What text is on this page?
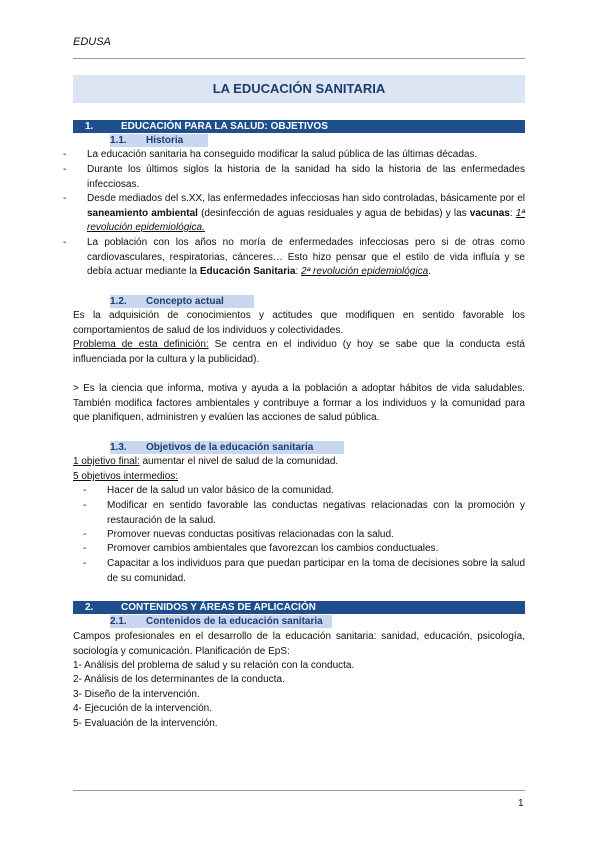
EDUSA
LA EDUCACIÓN SANITARIA
1.	EDUCACIÓN PARA LA SALUD: OBJETIVOS
1.1. Historia
- La educación sanitaria ha conseguido modificar la salud pública de las últimas décadas.
- Durante los últimos siglos la historia de la sanidad ha sido la historia de las enfermedades infecciosas.
- Desde mediados del s.XX, las enfermedades infecciosas han sido controladas, básicamente por el saneamiento ambiental (desinfección de aguas residuales y agua de bebidas) y las vacunas: 1ª revolución epidemiológica.
- La población con los años no moría de enfermedades infecciosas pero si de otras como cardiovasculares, respiratorias, cánceres… Esto hizo pensar que el estilo de vida influía y se debía actuar mediante la Educación Sanitaria: 2ª revolución epidemiológica.
1.2. Concepto actual
Es la adquisición de conocimientos y actitudes que modifiquen en sentido favorable los comportamientos de salud de los individuos y colectividades.
Problema de esta definición: Se centra en el individuo (y hoy se sabe que la conducta está influenciada por la cultura y la publicidad).
> Es la ciencia que informa, motiva y ayuda a la población a adoptar hábitos de vida saludables. También modifica factores ambientales y contribuye a formar a los individuos y la comunidad para que planifiquen, administren y evalúen las acciones de salud pública.
1.3. Objetivos de la educación sanitaria
1 objetivo final: aumentar el nivel de salud de la comunidad.
5 objetivos intermedios:
- Hacer de la salud un valor básico de la comunidad.
- Modificar en sentido favorable las conductas negativas relacionadas con la promoción y restauración de la salud.
- Promover nuevas conductas positivas relacionadas con la salud.
- Promover cambios ambientales que favorezcan los cambios conductuales.
- Capacitar a los individuos para que puedan participar en la toma de decisiones sobre la salud de su comunidad.
2.	CONTENIDOS Y ÁREAS DE APLICACIÓN
2.1. Contenidos de la educación sanitaria
Campos profesionales en el desarrollo de la educación sanitaria: sanidad, educación, psicología, sociología y comunicación. Planificación de EpS:
1- Análisis del problema de salud y su relación con la conducta.
2- Análisis de los determinantes de la conducta.
3- Diseño de la intervención.
4- Ejecución de la intervención.
5- Evaluación de la intervención.
1
